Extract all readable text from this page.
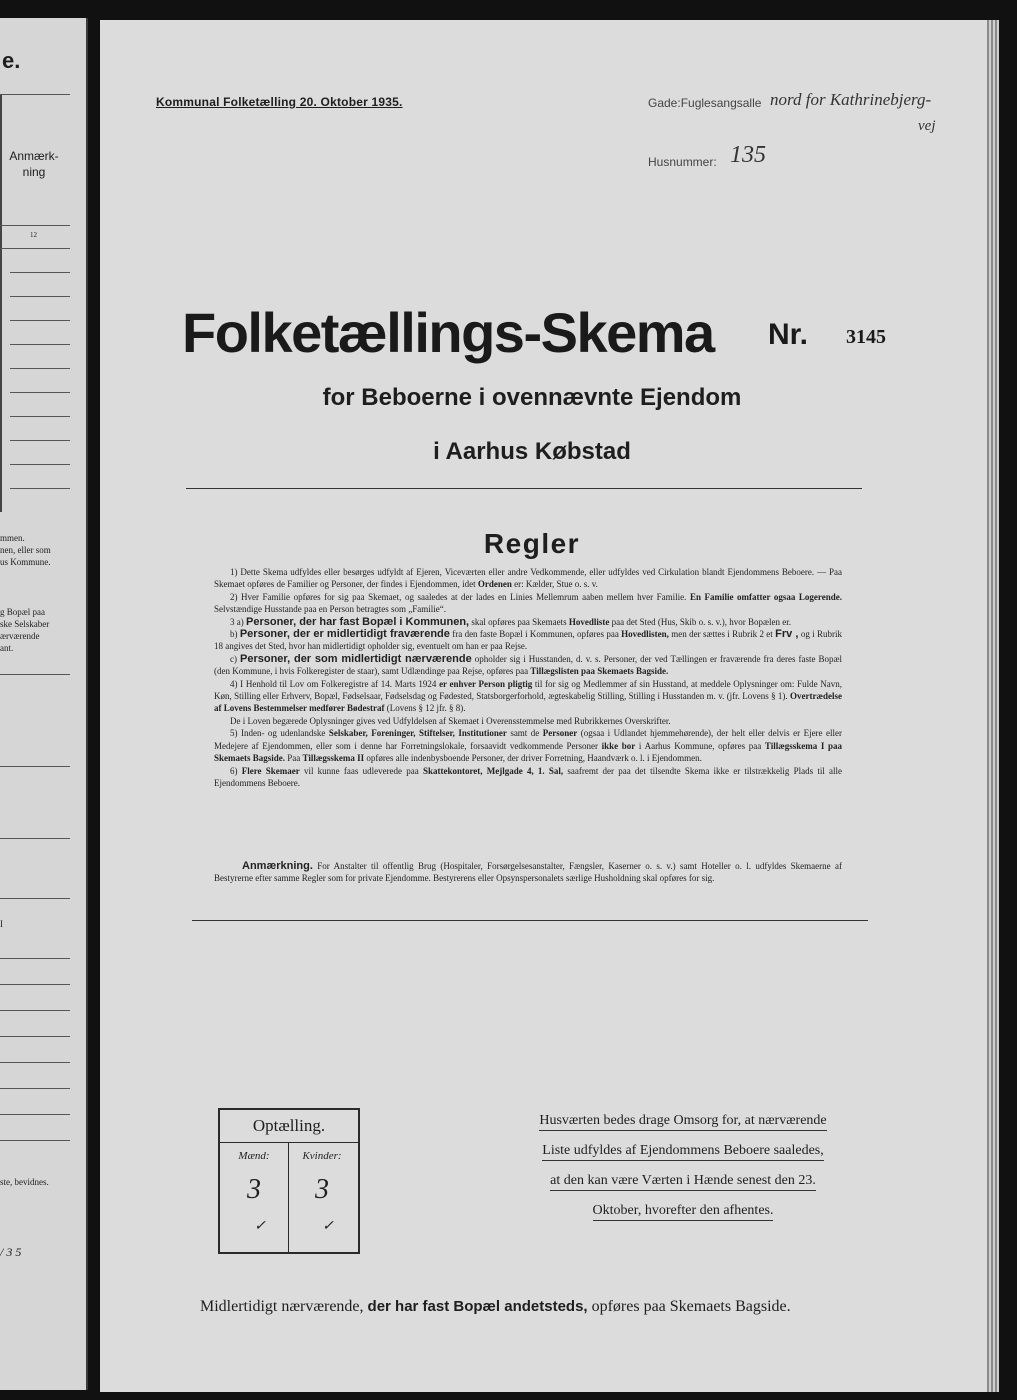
e.
Anmærk-ning
12
mmen.
nen, eller som
us Kommune.
g Bopæl paa
ske Selskaber
ærværende
ant.
I
ste, bevidnes.
/ 3 5
Kommunal Folketælling 20. Oktober 1935.	Gade:Fuglesangsalle nord for Kathrinebjerg-
vej
Husnummer: 135
Folketællings-Skema Nr. 3145
for Beboerne i ovennævnte Ejendom
i Aarhus Købstad
Regler

1) Dette Skema udfyldes eller besørges udfyldt af Ejeren, Viceværten eller andre Vedkommende, eller udfyldes ved Cirkulation blandt Ejendommens Beboere. — Paa Skemaet opføres de Familier og Personer, der findes i Ejendommen, idet Ordenen er: Kælder, Stue o. s. v.

2) Hver Familie opføres for sig paa Skemaet, og saaledes at der lades en Linies Mellemrum aaben mellem hver Familie. En Familie omfatter ogsaa Logerende. Selvstændige Husstande paa en Person betragtes som „Familie“.

3 a) Personer, der har fast Bopæl i Kommunen, skal opføres paa Skemaets Hovedliste paa det Sted (Hus, Skib o. s. v.), hvor Bopælen er.

b) Personer, der er midlertidigt fraværende fra den faste Bopæl i Kommunen, opføres paa Hovedlisten, men der sættes i Rubrik 2 et Frv , og i Rubrik 18 angives det Sted, hvor han midlertidigt opholder sig, eventuelt om han er paa Rejse.

c) Personer, der som midlertidigt nærværende opholder sig i Husstanden, d. v. s. Personer, der ved Tællingen er fraværende fra deres faste Bopæl (den Kommune, i hvis Folkeregister de staar), samt Udlændinge paa Rejse, opføres paa Tillægslisten paa Skemaets Bagside.

4) I Henhold til Lov om Folkeregistre af 14. Marts 1924 er enhver Person pligtig til for sig og Medlemmer af sin Husstand, at meddele Oplysninger om: Fulde Navn, Køn, Stilling eller Erhverv, Bopæl, Fødselsaar, Fødselsdag og Fødested, Statsborgerforhold, ægteskabelig Stilling, Stilling i Husstanden m. v. (jfr. Lovens § 1). Overtrædelse af Lovens Bestemmelser medfører Bødestraf (Lovens § 12 jfr. § 8).

De i Loven begærede Oplysninger gives ved Udfyldelsen af Skemaet i Overensstemmelse med Rubrikkernes Overskrifter.

5) Inden- og udenlandske Selskaber, Foreninger, Stiftelser, Institutioner samt de Personer (ogsaa i Udlandet hjemmehørende), der helt eller delvis er Ejere eller Medejere af Ejendommen, eller som i denne har Forretningslokale, forsaavidt vedkommende Personer ikke bor i Aarhus Kommune, opføres paa Tillægsskema I paa Skemaets Bagside. Paa Tillægsskema II opføres alle indenbysboende Personer, der driver Forretning, Haandværk o. l. i Ejendommen.

6) Flere Skemaer vil kunne faas udleverede paa Skattekontoret, Mejlgade 4, 1. Sal, saafremt der paa det tilsendte Skema ikke er tilstrækkelig Plads til alle Ejendommens Beboere.

Anmærkning. For Anstalter til offentlig Brug (Hospitaler, Forsørgelsesanstalter, Fængsler, Kaserner o. s. v.) samt Hoteller o. l. udfyldes Skemaerne af Bestyrerne efter samme Regler som for private Ejendomme. Bestyrerens eller Opsynspersonalets særlige Husholdning skal opføres for sig.
Optælling.
Mænd:	Kvinder:
3	3
✓	✓
Husværten bedes drage Omsorg for, at nærværende
Liste udfyldes af Ejendommens Beboere saaledes,
at den kan være Værten i Hænde senest den 23.
Oktober, hvorefter den afhentes.
Midlertidigt nærværende, der har fast Bopæl andetsteds, opføres paa Skemaets Bagside.
